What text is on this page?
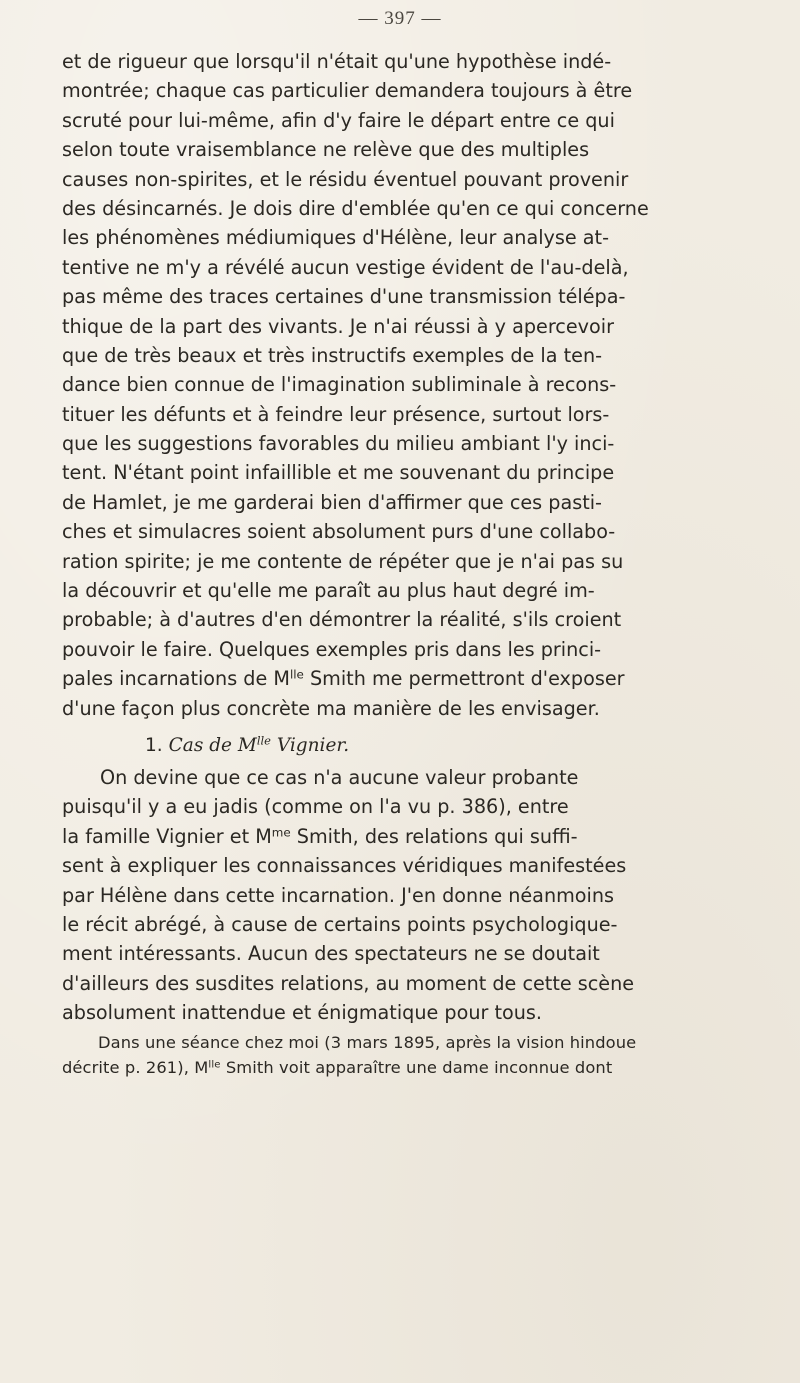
— 397 —
et de rigueur que lorsqu'il n'était qu'une hypothèse indé-
montrée; chaque cas particulier demandera toujours à être
scruté pour lui-même, afin d'y faire le départ entre ce qui
selon toute vraisemblance ne relève que des multiples
causes non-spirites, et le résidu éventuel pouvant provenir
des désincarnés. Je dois dire d'emblée qu'en ce qui concerne
les phénomènes médiumiques d'Hélène, leur analyse at-
tentive ne m'y a révélé aucun vestige évident de l'au-delà,
pas même des traces certaines d'une transmission télépa-
thique de la part des vivants. Je n'ai réussi à y apercevoir
que de très beaux et très instructifs exemples de la ten-
dance bien connue de l'imagination subliminale à recons-
tituer les défunts et à feindre leur présence, surtout lors-
que les suggestions favorables du milieu ambiant l'y inci-
tent. N'étant point infaillible et me souvenant du principe
de Hamlet, je me garderai bien d'affirmer que ces pasti-
ches et simulacres soient absolument purs d'une collabo-
ration spirite; je me contente de répéter que je n'ai pas su
la découvrir et qu'elle me paraît au plus haut degré im-
probable; à d'autres d'en démontrer la réalité, s'ils croient
pouvoir le faire. Quelques exemples pris dans les princi-
pales incarnations de $M^{lle}$ Smith me permettront d'exposer
d'une façon plus concrète ma manière de les envisager.
1. Cas de $M^{lle}$ Vignier.
On devine que ce cas n'a aucune valeur probante
puisqu'il y a eu jadis (comme on l'a vu p. 386), entre
la famille Vignier et $M^{me}$ Smith, des relations qui suffi-
sent à expliquer les connaissances véridiques manifestées
par Hélène dans cette incarnation. J'en donne néanmoins
le récit abrégé, à cause de certains points psychologique-
ment intéressants. Aucun des spectateurs ne se doutait
d'ailleurs des susdites relations, au moment de cette scène
absolument inattendue et énigmatique pour tous.
Dans une séance chez moi (3 mars 1895, après la vision hindoue
décrite p. 261), $M^{lle}$ Smith voit apparaître une dame inconnue dont
